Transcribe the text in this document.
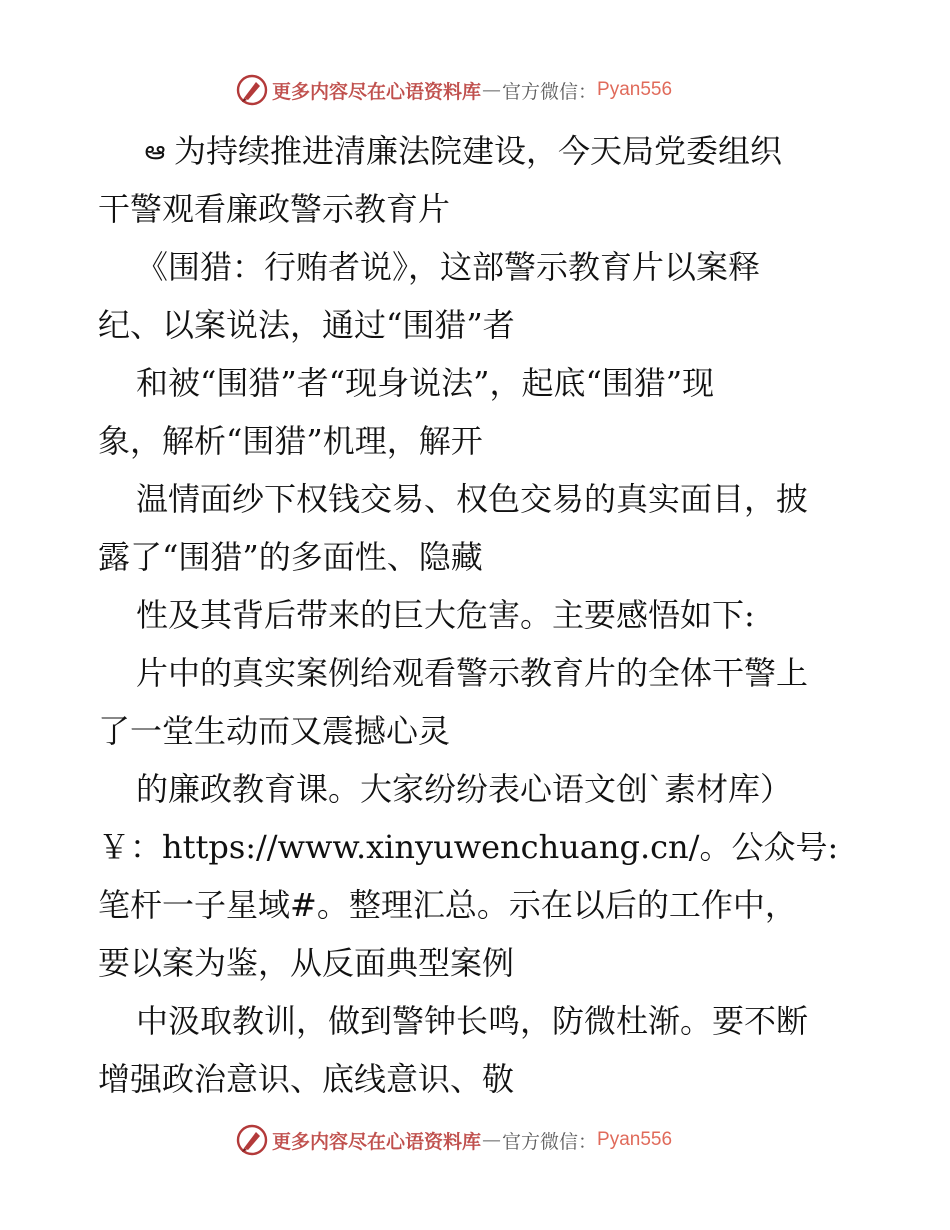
更多内容尽在心语资料库 — 官方微信： Pyan556
ఆ 为持续推进清廉法院建设，今天局党委组织
干警观看廉政警示教育片
《围猎：行贿者说》，这部警示教育片以案释
纪、以案说法，通过“围猎”者
和被“围猎”者“现身说法”，起底“围猎”现
象，解析“围猎”机理，解开
温情面纱下权钱交易、权色交易的真实面目，披
露了“围猎”的多面性、隐藏
性及其背后带来的巨大危害。主要感悟如下:
片中的真实案例给观看警示教育片的全体干警上
了一堂生动而又震撼心灵
的廉政教育课。大家纷纷表心语文创`素材库）
￥：https://www.xinyuwenchuang.cn/。公众号:
笔杆一子星域#。整理汇总。示在以后的工作中，
要以案为鉴，从反面典型案例
中汲取教训，做到警钟长鸣，防微杜渐。要不断
增强政治意识、底线意识、敬
更多内容尽在心语资料库 — 官方微信： Pyan556
